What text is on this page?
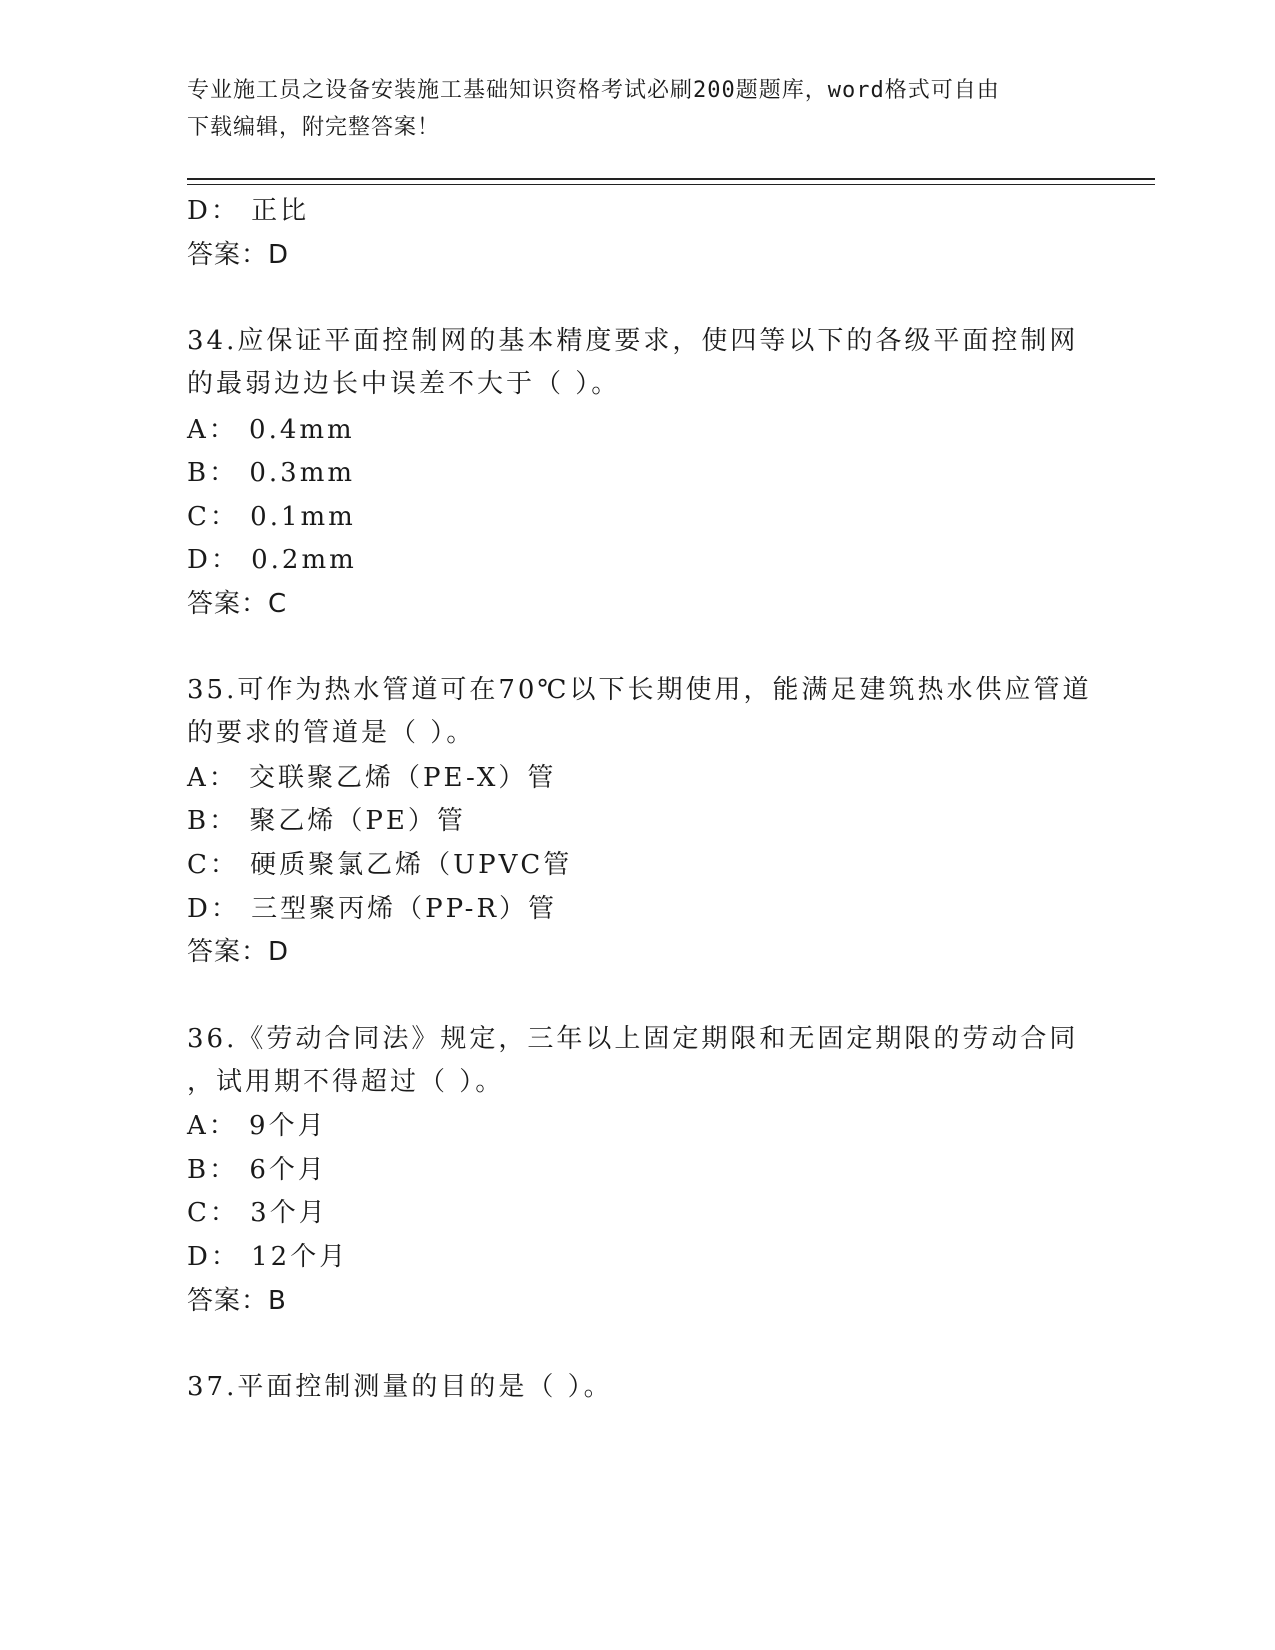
专业施工员之设备安装施工基础知识资格考试必刷200题题库，word格式可自由
下载编辑，附完整答案！
D： 正比
答案：D
34.应保证平面控制网的基本精度要求，使四等以下的各级平面控制网
的最弱边边长中误差不大于（ ）。
A： 0.4mm
B： 0.3mm
C： 0.1mm
D： 0.2mm
答案：C
35.可作为热水管道可在70℃以下长期使用，能满足建筑热水供应管道
的要求的管道是（ ）。
A： 交联聚乙烯（PE-X）管
B： 聚乙烯（PE）管
C： 硬质聚氯乙烯（UPVC管
D： 三型聚丙烯（PP-R）管
答案：D
36.《劳动合同法》规定，三年以上固定期限和无固定期限的劳动合同
，试用期不得超过（ ）。
A： 9个月
B： 6个月
C： 3个月
D： 12个月
答案：B
37.平面控制测量的目的是（ ）。
